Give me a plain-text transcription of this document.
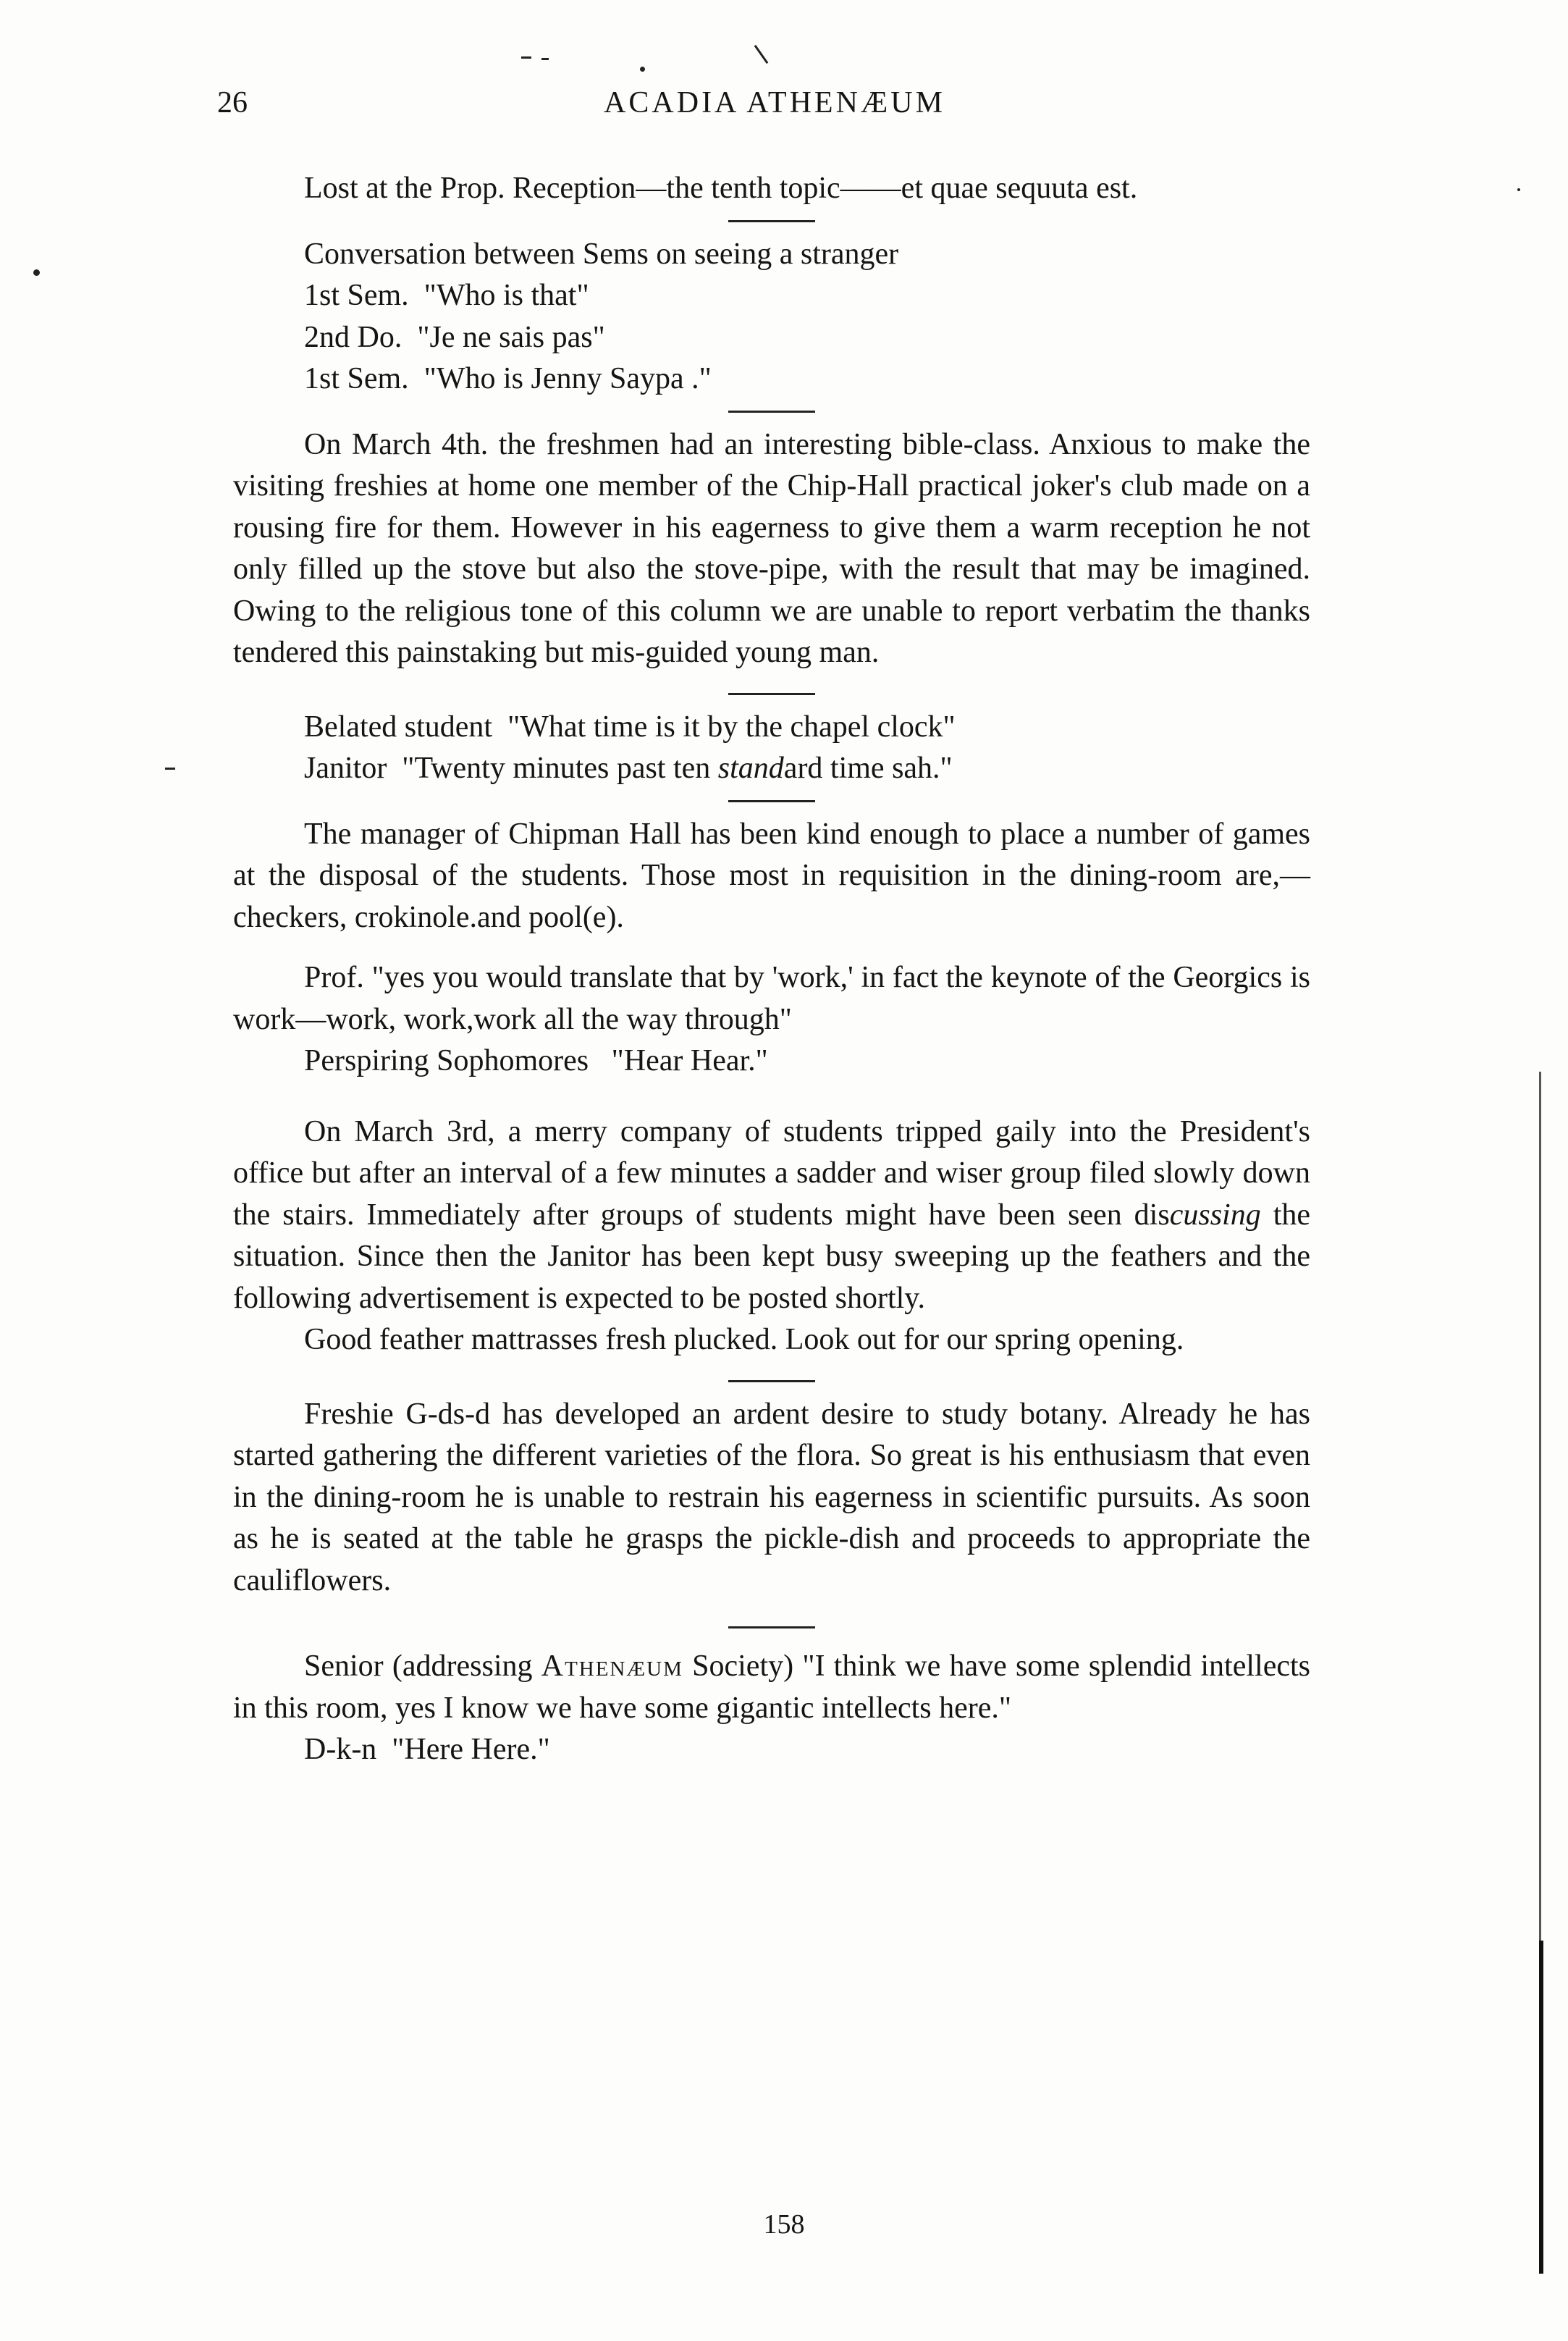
26	ACADIA ATHENÆUM

Lost at the Prop. Reception—the tenth topic——et quae sequuta est.

Conversation between Sems on seeing a stranger

1st Sem.  "Who is that"

2nd Do.  "Je ne sais pas"

1st Sem.  "Who is Jenny Saypa ."

On March 4th. the freshmen had an interesting bible-class. Anxious to make the visiting freshies at home one member of the Chip-Hall practical joker's club made on a rousing fire for them. However in his eagerness to give them a warm reception he not only filled up the stove but also the stove-pipe, with the result that may be imagined. Owing to the religious tone of this column we are unable to report verbatim the thanks tendered this painstaking but mis-guided young man.

Belated student  "What time is it by the chapel clock"

Janitor  "Twenty minutes past ten standard time sah."

The manager of Chipman Hall has been kind enough to place a number of games at the disposal of the students. Those most in requisition in the dining-room are,—checkers, crokinole.and pool(e).

Prof. "yes you would translate that by 'work,' in fact the keynote of the Georgics is work—work, work,work all the way through"

Perspiring Sophomores   "Hear Hear."

On March 3rd, a merry company of students tripped gaily into the President's office but after an interval of a few minutes a sadder and wiser group filed slowly down the stairs. Immediately after groups of students might have been seen discussing the situation. Since then the Janitor has been kept busy sweeping up the feathers and the following advertisement is expected to be posted shortly.

Good feather mattrasses fresh plucked. Look out for our spring opening.

Freshie G-ds-d has developed an ardent desire to study botany. Already he has started gathering the different varieties of the flora. So great is his enthusiasm that even in the dining-room he is unable to restrain his eagerness in scientific pursuits. As soon as he is seated at the table he grasps the pickle-dish and proceeds to appropriate the cauliflowers.

Senior (addressing Athenæum Society) "I think we have some splendid intellects in this room, yes I know we have some gigantic intellects here."

D-k-n  "Here Here."

158
